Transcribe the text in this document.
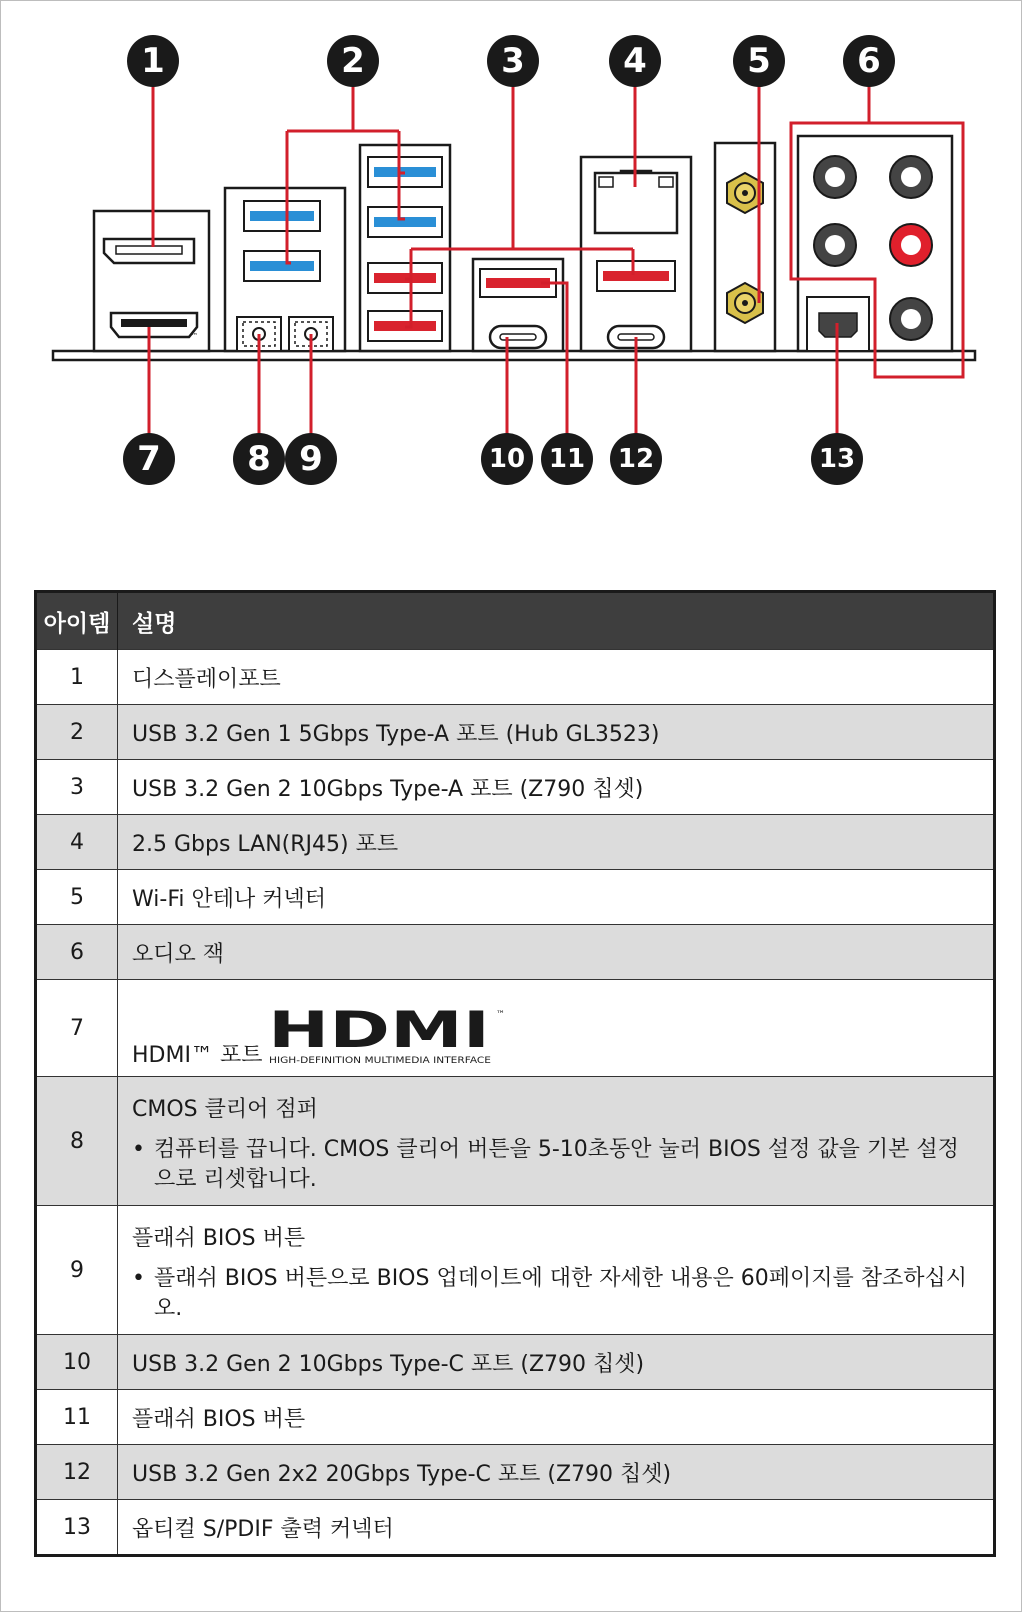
™
1	2	3	4	5	6
7	8 9	10 11 12	13
아이템	설명
1	디스플레이포트
2	USB 3.2 Gen 1 5Gbps Type-A 포트 (Hub GL3523)
3	USB 3.2 Gen 2 10Gbps Type-A 포트 (Z790 칩셋)
4	2.5 Gbps LAN(RJ45) 포트
5	Wi-Fi 안테나 커넥터
6	오디오 잭
7	HDMI™ 포트 HDMI ™
HIGH-DEFINITION MULTIMEDIA INTERFACE

8	CMOS 클리어 점퍼
• 컴퓨터를 끕니다. CMOS 클리어 버튼을 5-10초동안 눌러 BIOS 설정 값을 기본 설정으로 리셋합니다.

9	플래쉬 BIOS 버튼
• 플래쉬 BIOS 버튼으로 BIOS 업데이트에 대한 자세한 내용은 60페이지를 참조하십시오.

10	USB 3.2 Gen 2 10Gbps Type-C 포트 (Z790 칩셋)
11	플래쉬 BIOS 버튼
12	USB 3.2 Gen 2x2 20Gbps Type-C 포트 (Z790 칩셋)
13	옵티컬 S/PDIF 출력 커넥터
